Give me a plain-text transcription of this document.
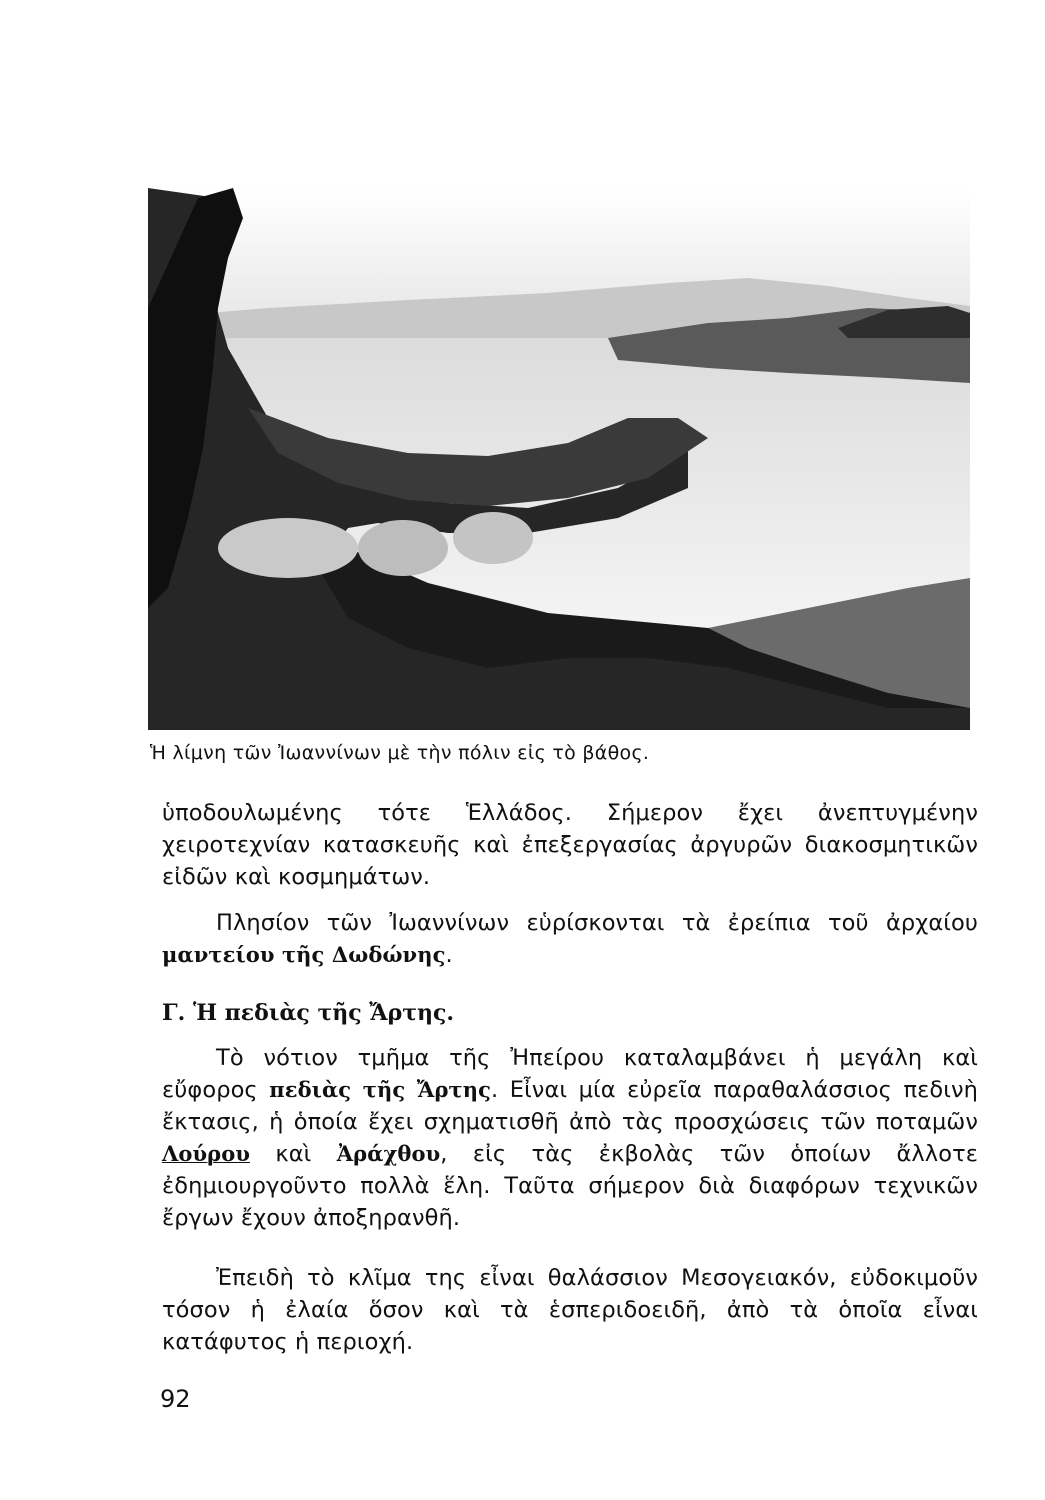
Ἡ λίμνη τῶν Ἰωαννίνων μὲ τὴν πόλιν εἰς τὸ βάθος.
ὑποδουλωμένης τότε Ἑλλάδος. Σήμερον ἔχει ἀνεπτυγμένην χειροτεχνίαν κατασκευῆς καὶ ἐπεξεργασίας ἀργυρῶν διακοσμητικῶν εἰδῶν καὶ κοσμημάτων.
Πλησίον τῶν Ἰωαννίνων εὑρίσκονται τὰ ἐρείπια τοῦ ἀρχαίου μαντείου τῆς Δωδώνης.
Γ. Ἡ πεδιὰς τῆς Ἄρτης.
Τὸ νότιον τμῆμα τῆς Ἠπείρου καταλαμβάνει ἡ μεγάλη καὶ εὔφορος πεδιὰς τῆς Ἄρτης. Εἶναι μία εὐρεῖα παραθαλάσσιος πεδινὴ ἔκτασις, ἡ ὁποία ἔχει σχηματισθῆ ἀπὸ τὰς προσχώσεις τῶν ποταμῶν Λούρου καὶ Ἀράχθου, εἰς τὰς ἐκβολὰς τῶν ὁποίων ἄλλοτε ἐδημιουργοῦντο πολλὰ ἕλη. Ταῦτα σήμερον διὰ διαφόρων τεχνικῶν ἔργων ἔχουν ἀποξηρανθῆ.
Ἐπειδὴ τὸ κλῖμα της εἶναι θαλάσσιον Μεσογειακόν, εὐδοκιμοῦν τόσον ἡ ἐλαία ὅσον καὶ τὰ ἑσπεριδοειδῆ, ἀπὸ τὰ ὁποῖα εἶναι κατάφυτος ἡ περιοχή.
92
